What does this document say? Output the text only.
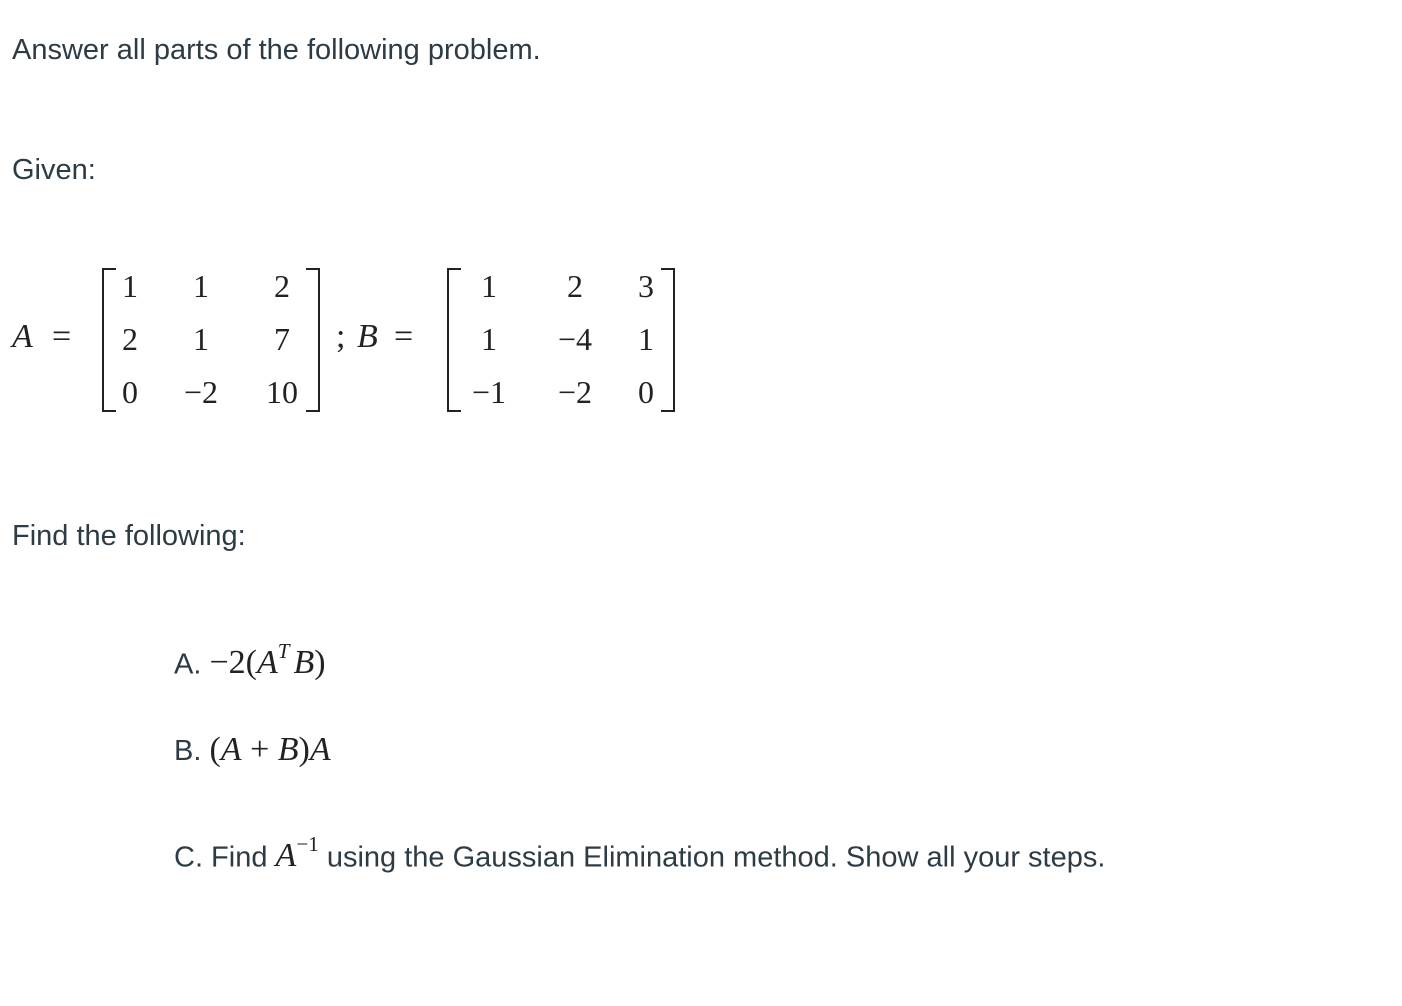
Answer all parts of the following problem.
Given:
A =
1 1 2
2 1 7
0 −2 10
; B =
1 2 3
1 −4 1
−1 −2 0
Find the following:
A. $-2(A^T$ B)
B. (A + B)A
C. Find $A^{-1}$ using the Gaussian Elimination method. Show all your steps.
